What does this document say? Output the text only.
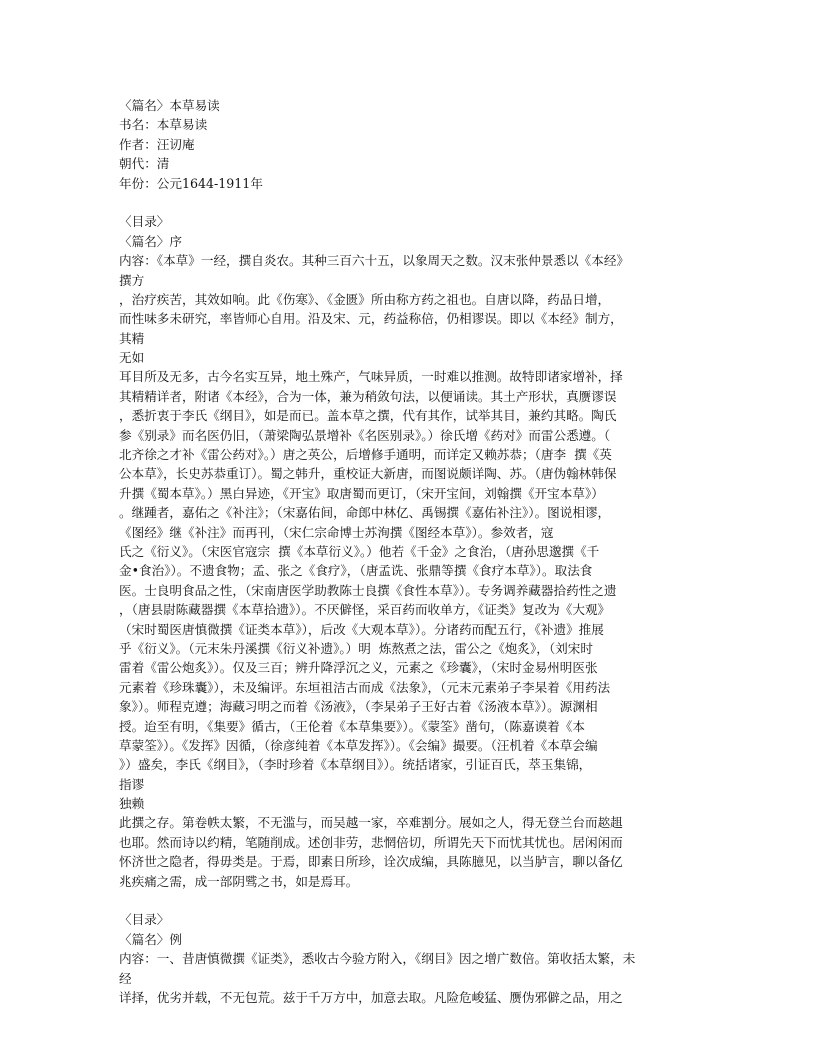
〈篇名〉本草易读
书名：本草易读
作者：汪讱庵
朝代：清
年份：公元1644-1911年
〈目录〉
〈篇名〉序
内容：《本草》一经，撰自炎农。其种三百六十五，以象周天之数。汉末张仲景悉以《本经》
撰方
，治疗疾苦，其效如响。此《伤寒》、《金匮》所由称方药之祖也。自唐以降，药品日增，
而性味多未研究，率皆师心自用。沿及宋、元，药益称倍，仍相谬误。即以《本经》制方，
其精
无如
耳目所及无多，古今名实互异，地土殊产，气味异质，一时难以推测。故特即诸家增补，择
其精精详者，附诸《本经》，合为一体，兼为稍敛句法，以便诵读。其土产形状，真赝谬误
，悉折衷于李氏《纲目》，如是而已。盖本草之撰，代有其作，试举其目，兼约其略。陶氏
参《别录》而名医仍旧，（萧梁陶弘景增补《名医别录》。）徐氏增《药对》而雷公悉遵。（
北齐徐之才补《雷公药对》。）唐之英公，后增修手通明，而详定又赖苏恭；（唐李  撰《英
公本草》，长史苏恭重订）。蜀之韩升，重校证大新唐，而图说颇详陶、苏。（唐伪翰林韩保
升撰《蜀本草》。）黑白异迹，《开宝》取唐蜀而更订，（宋开宝间，刘翰撰《开宝本草》）
。继踵者，嘉佑之《补注》；（宋嘉佑间，命郎中林亿、禹锡撰《嘉佑补注》）。图说相谬，
《图经》继《补注》而再刊，（宋仁宗命博士苏洵撰《图经本草》）。参效者，寇
氏之《衍义》。（宋医官寇宗  撰《本草衍义》。）他若《千金》之食治，（唐孙思邈撰《千
金•食治》）。不遗食物；孟、张之《食疗》，（唐孟诜、张鼎等撰《食疗本草》）。取法食
医。士良明食品之性，（宋南唐医学助教陈士良撰《食性本草》）。专务调养藏器拾药性之遗
，（唐县尉陈藏器撰《本草拾遗》）。不厌僻怪，采百药而收单方，《证类》复改为《大观》
（宋时蜀医唐慎微撰《证类本草》），后改《大观本草》）。分诸药而配五行，《补遗》推展
乎《衍义》。（元末朱丹溪撰《衍义补遗》。）明  炼熬煮之法，雷公之《炮炙》，（刘宋时
雷着《雷公炮炙》）。仅及三百；辨升降浮沉之义，元素之《珍囊》，（宋时金易州明医张
元素着《珍珠囊》），未及编评。东垣祖洁古而成《法象》，（元末元素弟子李杲着《用药法
象》）。师程克遵；海藏习明之而着《汤液》，（李杲弟子王好古着《汤液本草》）。源渊相
授。迨至有明，《集要》循古，（王伦着《本草集要》）。《蒙筌》凿句，（陈嘉谟着《本
草蒙筌》）。《发挥》因循，（徐彦纯着《本草发挥》）。《会编》撮要。（汪机着《本草会编
》）盛矣，李氏《纲目》，（李时珍着《本草纲目》）。统括诸家，引证百氏，萃玉集锦，
指谬
独赖
此撰之存。第卷帙太繁，不无滥与，而吴越一家，卒难割分。展如之人，得无登兰台而趑趄
也耶。然而诗以约精，笔随削成。述创非劳，悲惘倍切，所谓先天下而忧其忧也。居闲闲而
怀济世之隐者，得毋类是。于焉，即素日所珍，诠次成编，具陈臆见，以当胪言，聊以备亿
兆疾痛之需，成一部阴骘之书，如是焉耳。
〈目录〉
〈篇名〉例
内容：一、昔唐慎微撰《证类》，悉收古今验方附入，《纲目》因之增广数倍。第收括太繁，未
经
详择，优劣并载，不无包荒。兹于千万方中，加意去取。凡险危峻猛、赝伪邪僻之品，用之
